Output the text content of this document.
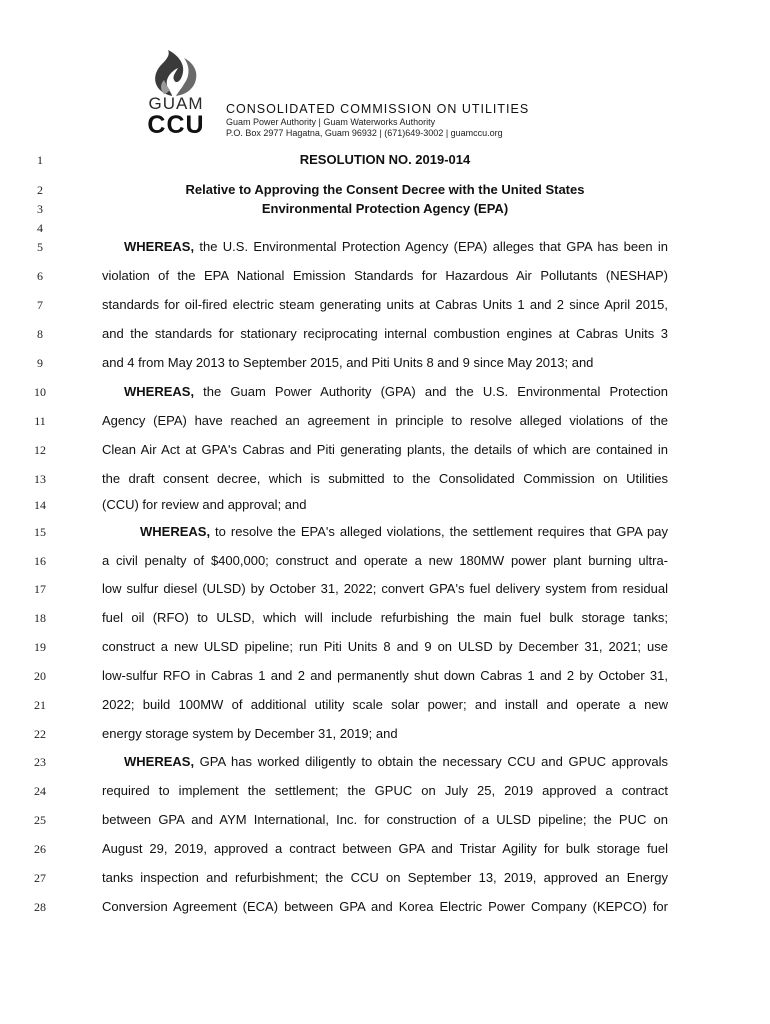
GUAM
CCU
CONSOLIDATED COMMISSION ON UTILITIES
Guam Power Authority | Guam Waterworks Authority
P.O. Box 2977 Hagatna, Guam 96932 | (671)649-3002 | guamccu.org
1	RESOLUTION NO. 2019-014
2	Relative to Approving the Consent Decree with the United States
3	Environmental Protection Agency (EPA)
4
5	WHEREAS, the U.S. Environmental Protection Agency (EPA) alleges that GPA has been in
6	violation of the EPA National Emission Standards for Hazardous Air Pollutants (NESHAP)
7	standards for oil-fired electric steam generating units at Cabras Units 1 and 2 since April 2015,
8	and the standards for stationary reciprocating internal combustion engines at Cabras Units 3
9	and 4 from May 2013 to September 2015, and Piti Units 8 and 9 since May 2013; and
10	WHEREAS, the Guam Power Authority (GPA) and the U.S. Environmental Protection
11	Agency (EPA) have reached an agreement in principle to resolve alleged violations of the
12	Clean Air Act at GPA's Cabras and Piti generating plants, the details of which are contained in
13	the draft consent decree, which is submitted to the Consolidated Commission on Utilities
14	(CCU) for review and approval; and
15	WHEREAS, to resolve the EPA's alleged violations, the settlement requires that GPA pay
16	a civil penalty of $400,000; construct and operate a new 180MW power plant burning ultra-
17	low sulfur diesel (ULSD) by October 31, 2022; convert GPA's fuel delivery system from residual
18	fuel oil (RFO) to ULSD, which will include refurbishing the main fuel bulk storage tanks;
19	construct a new ULSD pipeline; run Piti Units 8 and 9 on ULSD by December 31, 2021; use
20	low-sulfur RFO in Cabras 1 and 2 and permanently shut down Cabras 1 and 2 by October 31,
21	2022; build 100MW of additional utility scale solar power; and install and operate a new
22	energy storage system by December 31, 2019; and
23	WHEREAS, GPA has worked diligently to obtain the necessary CCU and GPUC approvals
24	required to implement the settlement; the GPUC on July 25, 2019 approved a contract
25	between GPA and AYM International, Inc. for construction of a ULSD pipeline; the PUC on
26	August 29, 2019, approved a contract between GPA and Tristar Agility for bulk storage fuel
27	tanks inspection and refurbishment; the CCU on September 13, 2019, approved an Energy
28	Conversion Agreement (ECA) between GPA and Korea Electric Power Company (KEPCO) for
